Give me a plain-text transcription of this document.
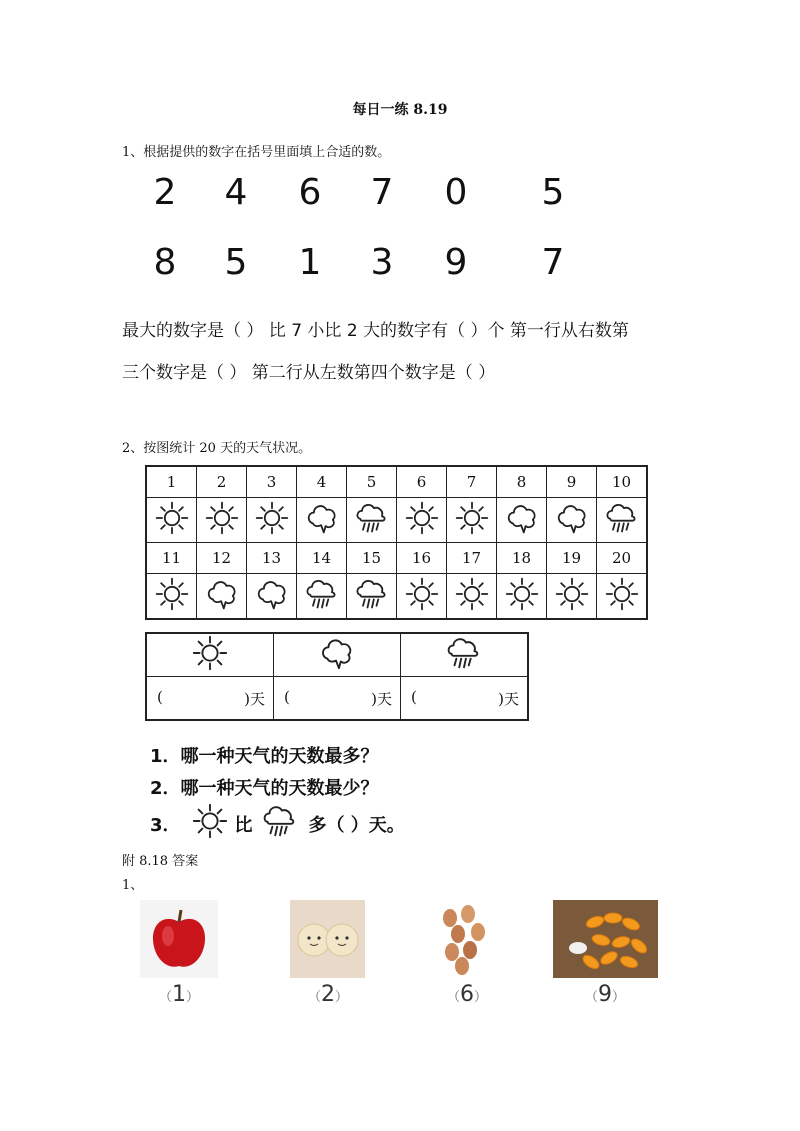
每日一练 8.19
1、根据提供的数字在括号里面填上合适的数。
2 4 6 7 0 5
8 5 1 3 9 7
最大的数字是（ ） 比 7 小比 2 大的数字有（ ）个 第一行从右数第
三个数字是（ ） 第二行从左数第四个数字是（ ）
2、按图统计 20 天的天气状况。
1	2	3	4	5	6	7	8	9	10

11	12	13	14	15	16	17	18	19	20

( )天	( )天	( )天
1．哪一种天气的天数最多？
2．哪一种天气的天数最少？
3．	比	多（ ）天。
附 8.18 答案
1、
（1）	（2）	（6）	（9）
